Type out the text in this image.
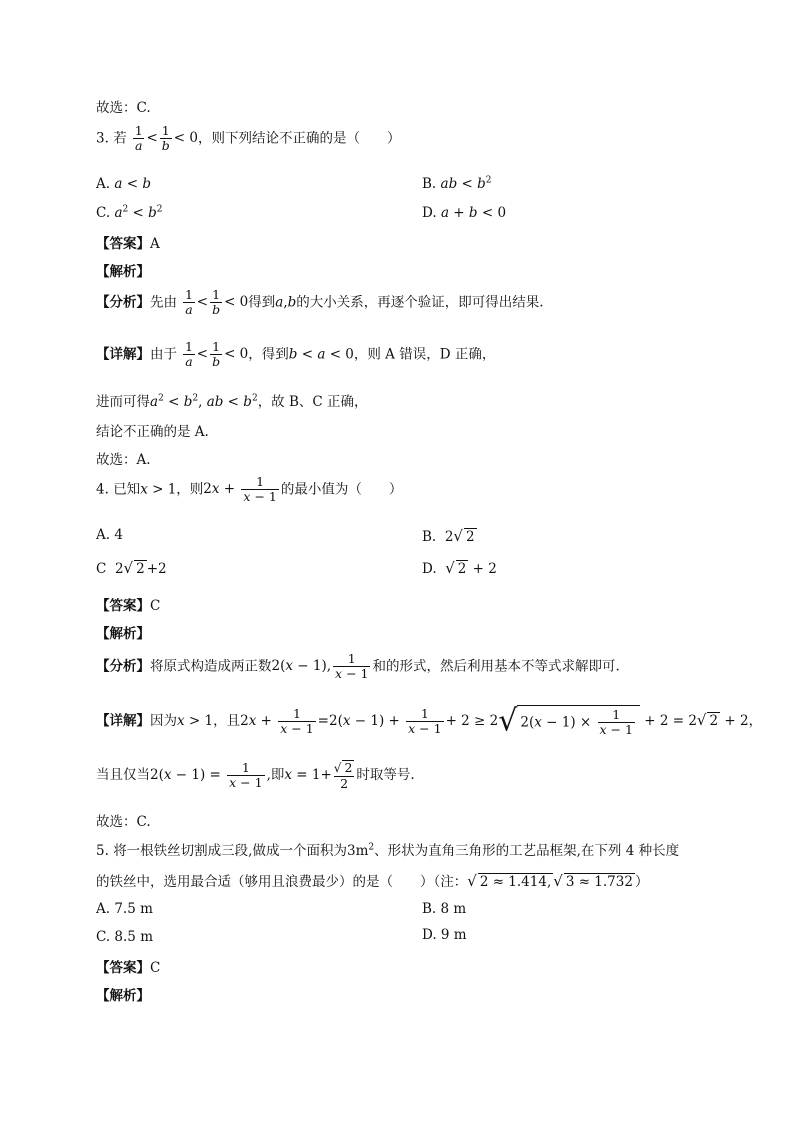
故选：C.
3. 若 $\frac{1}{a} < \frac{1}{b} < 0$，则下列结论不正确的是（　　）
A. a < b	B. ab < $b^2$
C. $a^2 < b^2$	D. a + b < 0
【答案】A
【解析】
【分析】先由 $\frac{1}{a} < \frac{1}{b} < 0$得到a,b的大小关系，再逐个验证，即可得出结果.
【详解】由于 $\frac{1}{a} < \frac{1}{b} < 0$，得到b < a < 0，则 A 错误，D 正确，
进而可得$a^2 < b^2$, ab < $b^2$，故 B、C 正确，
结论不正确的是 A.
故选：A.
4. 已知x > 1，则$2x + \frac{1}{x - 1}$ 的最小值为（　　）
A. 4	B. 2√ 2
C 2√ 2 +2	D. √ 2 + 2
【答案】C
【解析】
【分析】将原式构造成两正数2(x − 1), $\frac{1}{x - 1}$ 和的形式，然后利用基本不等式求解即可.
【详解】因为x > 1，且$2x + \frac{1}{x - 1} =2(x - 1) + \frac{1}{x - 1} + 2 \ge 2√$ $2(x - 1) \times \frac{1}{x - 1} + 2 = 2√$ 2 + 2，
当且仅当$2(x - 1) = \frac{1}{x - 1}$ ,即$x = 1+ \frac{√ 2}{2}$ 时取等号.
故选：C.
5. 将一根铁丝切割成三段,做成一个面积为$3m^2$、形状为直角三角形的工艺品框架,在下列 4 种长度
的铁丝中，选用最合适（够用且浪费最少）的是（　　）（注：√ 2 ≈ 1.414,√ 3 ≈ 1.732 ）
A. 7.5 m	B. 8 m
C. 8.5 m	D. 9 m
【答案】C
【解析】
